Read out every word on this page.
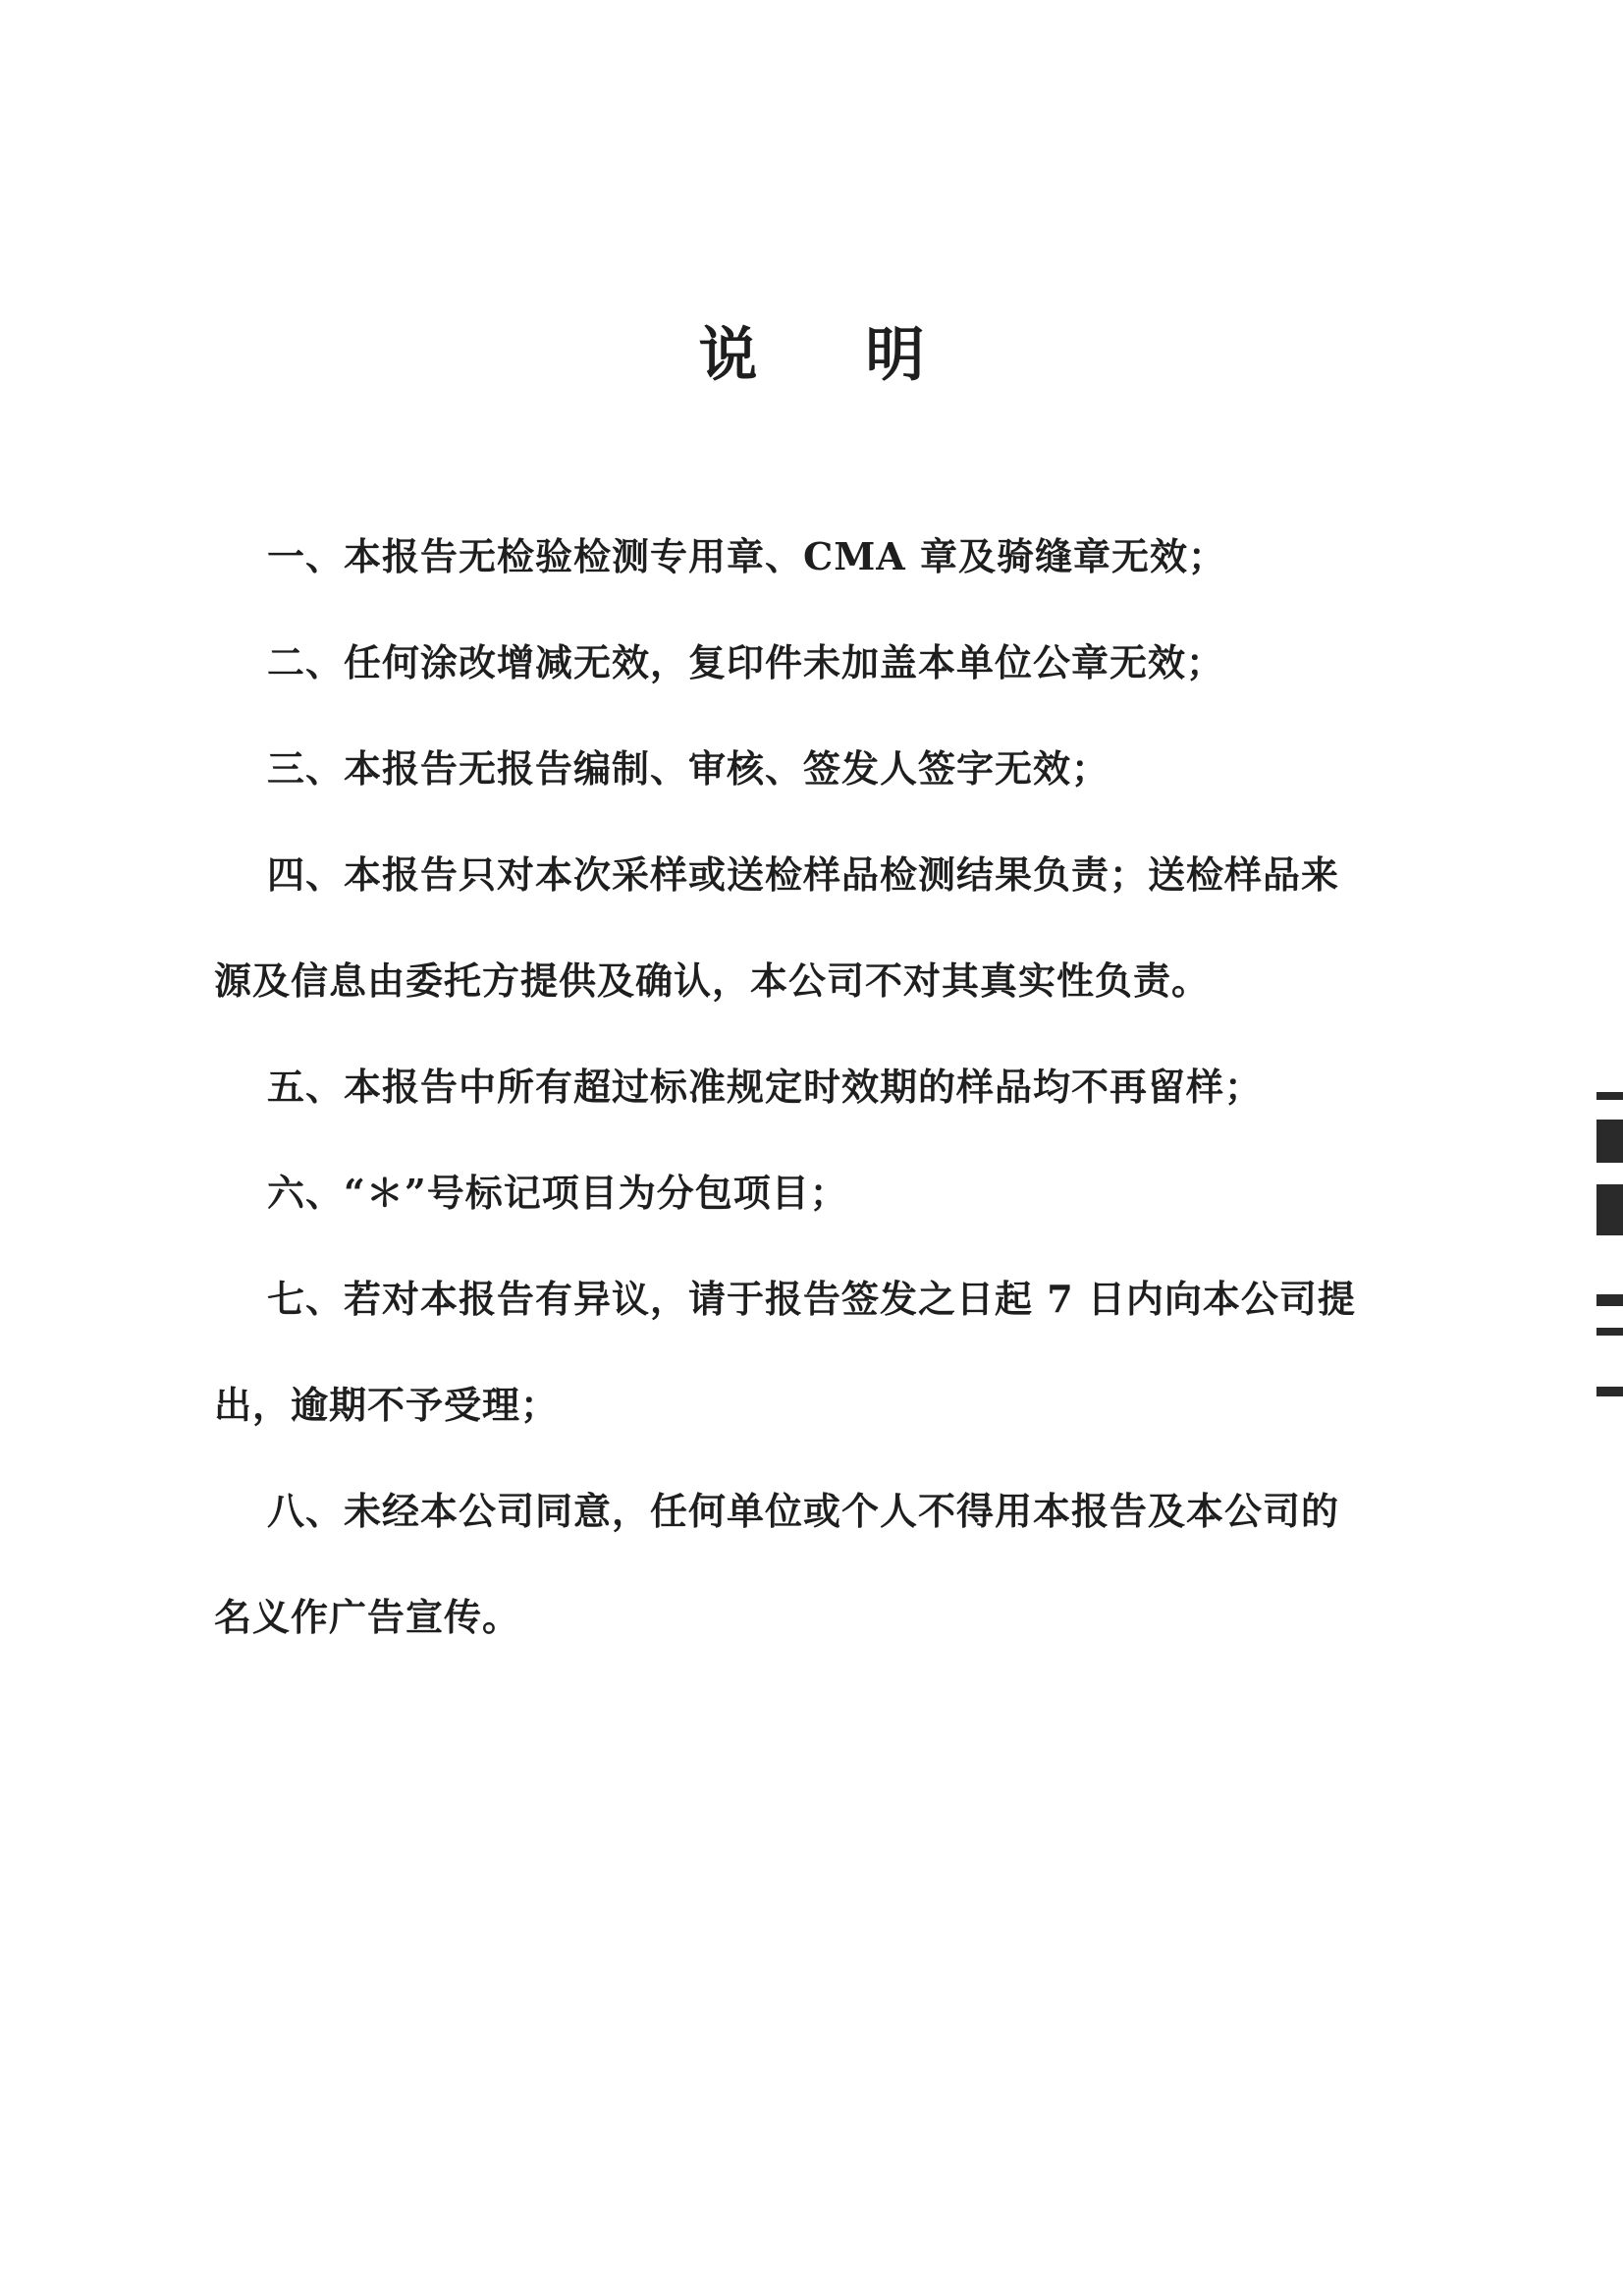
说 明
一、本报告无检验检测专用章、CMA 章及骑缝章无效；
二、任何涂改增减无效，复印件未加盖本单位公章无效；
三、本报告无报告编制、审核、签发人签字无效；
四、本报告只对本次采样或送检样品检测结果负责；送检样品来
源及信息由委托方提供及确认，本公司不对其真实性负责。
五、本报告中所有超过标准规定时效期的样品均不再留样；
六、“＊”号标记项目为分包项目；
七、若对本报告有异议，请于报告签发之日起 7 日内向本公司提
出，逾期不予受理；
八、未经本公司同意，任何单位或个人不得用本报告及本公司的
名义作广告宣传。
